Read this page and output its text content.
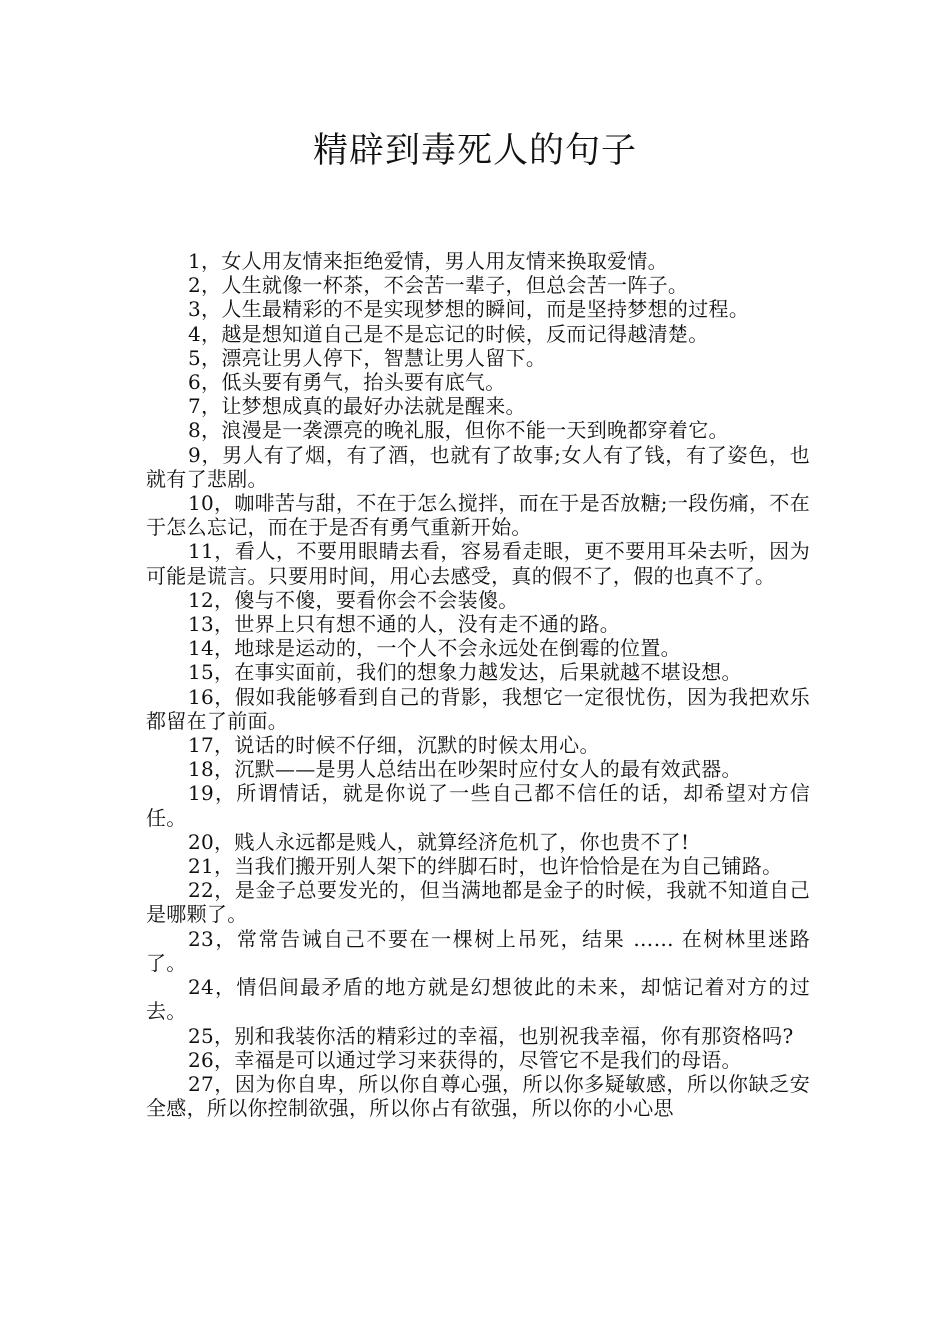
精辟到毒死人的句子

1，女人用友情来拒绝爱情，男人用友情来换取爱情。

2，人生就像一杯茶，不会苦一辈子，但总会苦一阵子。

3，人生最精彩的不是实现梦想的瞬间，而是坚持梦想的过程。

4，越是想知道自己是不是忘记的时候，反而记得越清楚。

5，漂亮让男人停下，智慧让男人留下。

6，低头要有勇气，抬头要有底气。

7，让梦想成真的最好办法就是醒来。

8，浪漫是一袭漂亮的晚礼服，但你不能一天到晚都穿着它。

9，男人有了烟，有了酒，也就有了故事;女人有了钱，有了姿色，也就有了悲剧。

10，咖啡苦与甜，不在于怎么搅拌，而在于是否放糖;一段伤痛，不在于怎么忘记，而在于是否有勇气重新开始。

11，看人，不要用眼睛去看，容易看走眼，更不要用耳朵去听，因为可能是谎言。只要用时间，用心去感受，真的假不了，假的也真不了。

12，傻与不傻，要看你会不会装傻。

13，世界上只有想不通的人，没有走不通的路。

14，地球是运动的，一个人不会永远处在倒霉的位置。

15，在事实面前，我们的想象力越发达，后果就越不堪设想。

16，假如我能够看到自己的背影，我想它一定很忧伤，因为我把欢乐都留在了前面。

17，说话的时候不仔细，沉默的时候太用心。

18，沉默——是男人总结出在吵架时应付女人的最有效武器。

19，所谓情话，就是你说了一些自己都不信任的话，却希望对方信任。

20，贱人永远都是贱人，就算经济危机了，你也贵不了!

21，当我们搬开别人架下的绊脚石时，也许恰恰是在为自己铺路。

22，是金子总要发光的，但当满地都是金子的时候，我就不知道自己是哪颗了。

23，常常告诫自己不要在一棵树上吊死，结果 …… 在树林里迷路了。

24，情侣间最矛盾的地方就是幻想彼此的未来，却惦记着对方的过去。

25，别和我装你活的精彩过的幸福，也别祝我幸福，你有那资格吗?

26，幸福是可以通过学习来获得的，尽管它不是我们的母语。

27，因为你自卑，所以你自尊心强，所以你多疑敏感，所以你缺乏安全感，所以你控制欲强，所以你占有欲强，所以你的小心思
